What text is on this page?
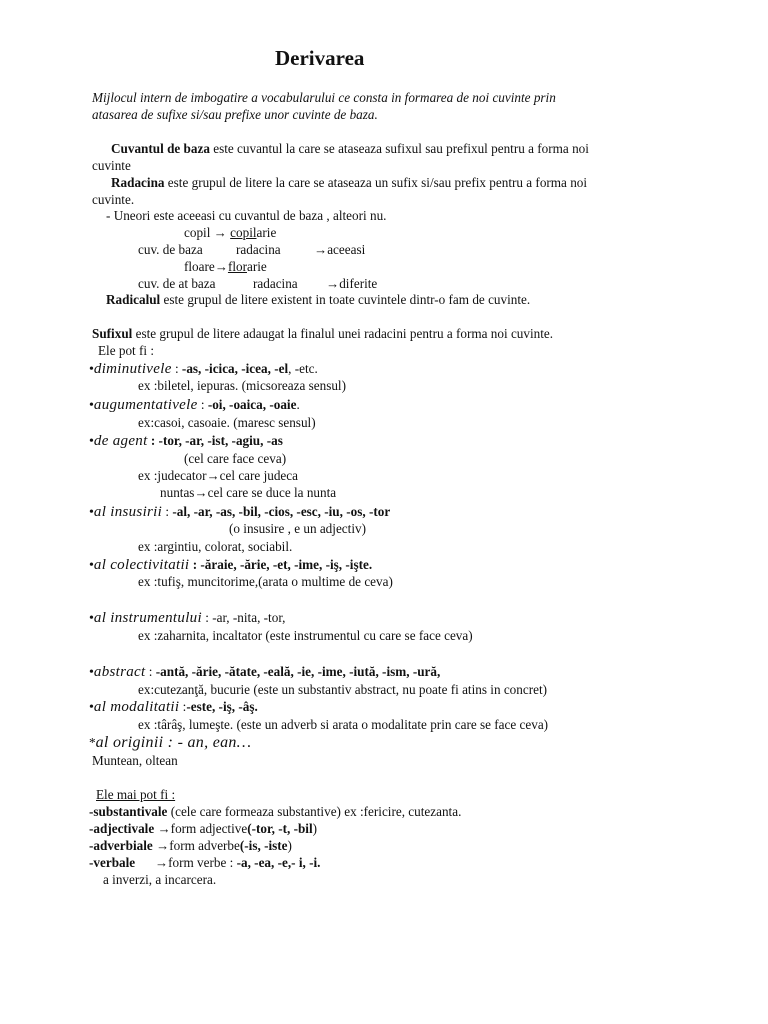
Derivarea
Mijlocul intern de imbogatire a vocabularului ce consta in formarea de noi cuvinte prin
atasarea de sufixe si/sau prefixe unor cuvinte de baza.
Cuvantul de baza este cuvantul la care se ataseaza sufixul sau prefixul pentru a forma noi
cuvinte
Radacina este grupul de litere la care se ataseaza un sufix si/sau prefix pentru a forma noi
cuvinte.
- Uneori este aceeasi cu cuvantul de baza , alteori nu.
copil → copilarie
cuv. de baza	radacina	→aceeasi
floare→florarie
cuv. de at baza	radacina →diferite
Radicalul este grupul de litere existent in toate cuvintele dintr-o fam de cuvinte.
Sufixul este grupul de litere adaugat la finalul unei radacini pentru a forma noi cuvinte.
Ele pot fi :
•diminutivele : -as, -icica, -icea, -el, -etc.
ex :biletel, iepuras. (micsoreaza sensul)
•augumentativele : -oi, -oaica, -oaie.
ex:casoi, casoaie. (maresc sensul)
•de agent : -tor, -ar, -ist, -agiu, -as
(cel care face ceva)
ex :judecator→cel care judeca
nuntas→cel care se duce la nunta
•al insusirii : -al, -ar, -as, -bil, -cios, -esc, -iu, -os, -tor
(o insusire , e un adjectiv)
ex :argintiu, colorat, sociabil.
•al colectivitatii : -ăraie, -ărie, -et, -ime, -iş, -işte.
ex :tufiş, muncitorime,(arata o multime de ceva)
•al instrumentului : -ar, -nita, -tor,
ex :zaharnita, incaltator (este instrumentul cu care se face ceva)
•abstract : -antă, -ărie, -ătate, -eală, -ie, -ime, -iută, -ism, -ură,
ex:cutezanţă, bucurie (este un substantiv abstract, nu poate fi atins in concret)
•al modalitatii :-este, -iş, -âş.
ex :târâş, lumeşte. (este un adverb si arata o modalitate prin care se face ceva)
*al originii : - an, ean…
Muntean, oltean
Ele mai pot fi :
-substantivale (cele care formeaza substantive) ex :fericire, cutezanta.
-adjectivale →form adjective(-tor, -t, -bil)
-adverbiale →form adverbe(-is, -iste)
-verbale      →form verbe : -a, -ea, -e,- i, -i.
a inverzi, a incarcera.
